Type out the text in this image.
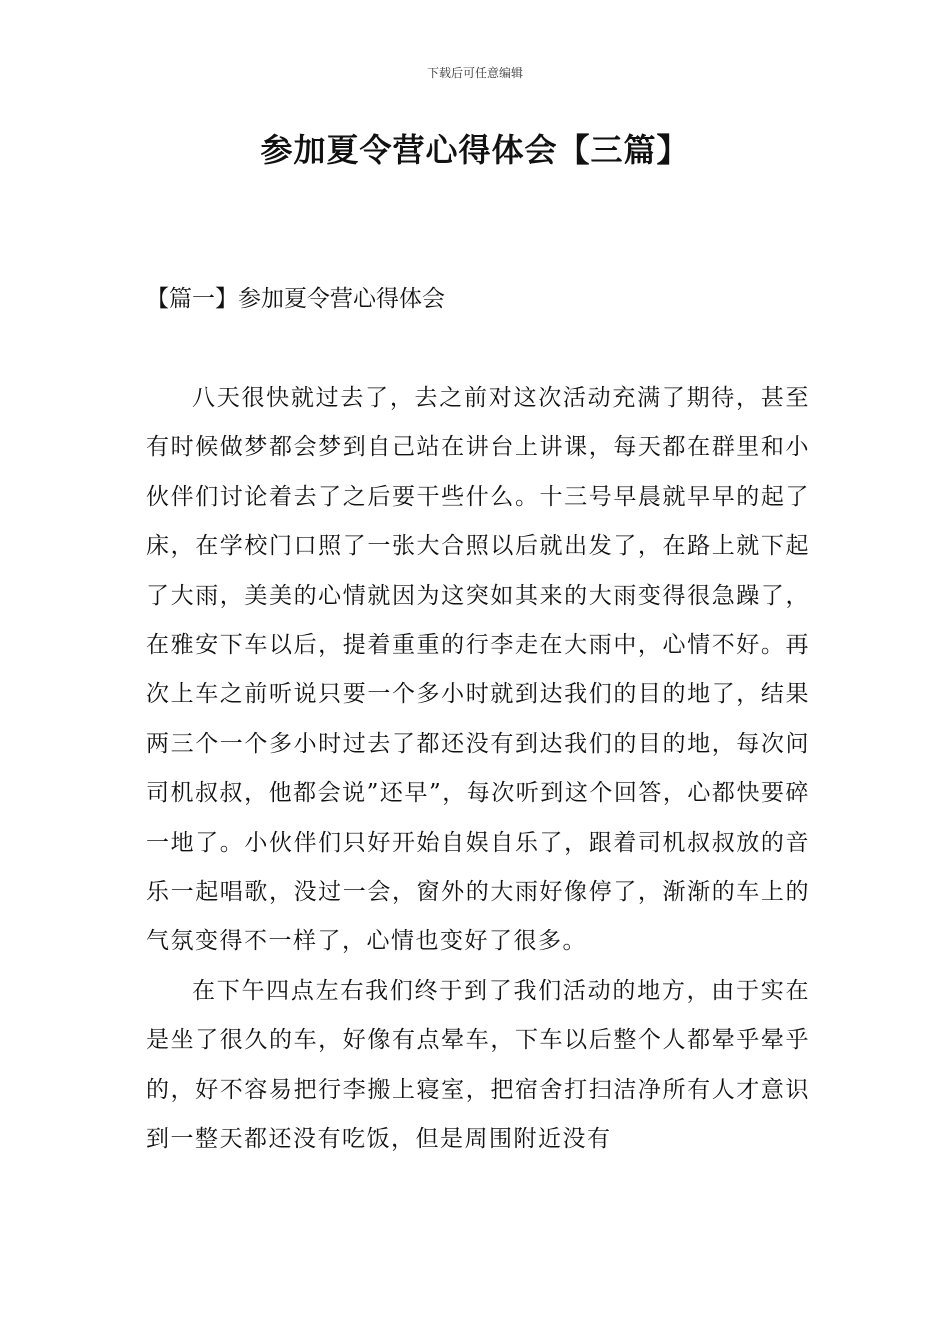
下载后可任意编辑
参加夏令营心得体会【三篇】
【篇一】参加夏令营心得体会

八天很快就过去了，去之前对这次活动充满了期待，甚至有时候做梦都会梦到自己站在讲台上讲课，每天都在群里和小伙伴们讨论着去了之后要干些什么。十三号早晨就早早的起了床，在学校门口照了一张大合照以后就出发了，在路上就下起了大雨，美美的心情就因为这突如其来的大雨变得很急躁了，在雅安下车以后，提着重重的行李走在大雨中，心情不好。再次上车之前听说只要一个多小时就到达我们的目的地了，结果两三个一个多小时过去了都还没有到达我们的目的地，每次问司机叔叔，他都会说”还早”，每次听到这个回答，心都快要碎一地了。小伙伴们只好开始自娱自乐了，跟着司机叔叔放的音乐一起唱歌，没过一会，窗外的大雨好像停了，渐渐的车上的气氛变得不一样了，心情也变好了很多。

在下午四点左右我们终于到了我们活动的地方，由于实在是坐了很久的车，好像有点晕车，下车以后整个人都晕乎晕乎的，好不容易把行李搬上寝室，把宿舍打扫洁净所有人才意识到一整天都还没有吃饭，但是周围附近没有
